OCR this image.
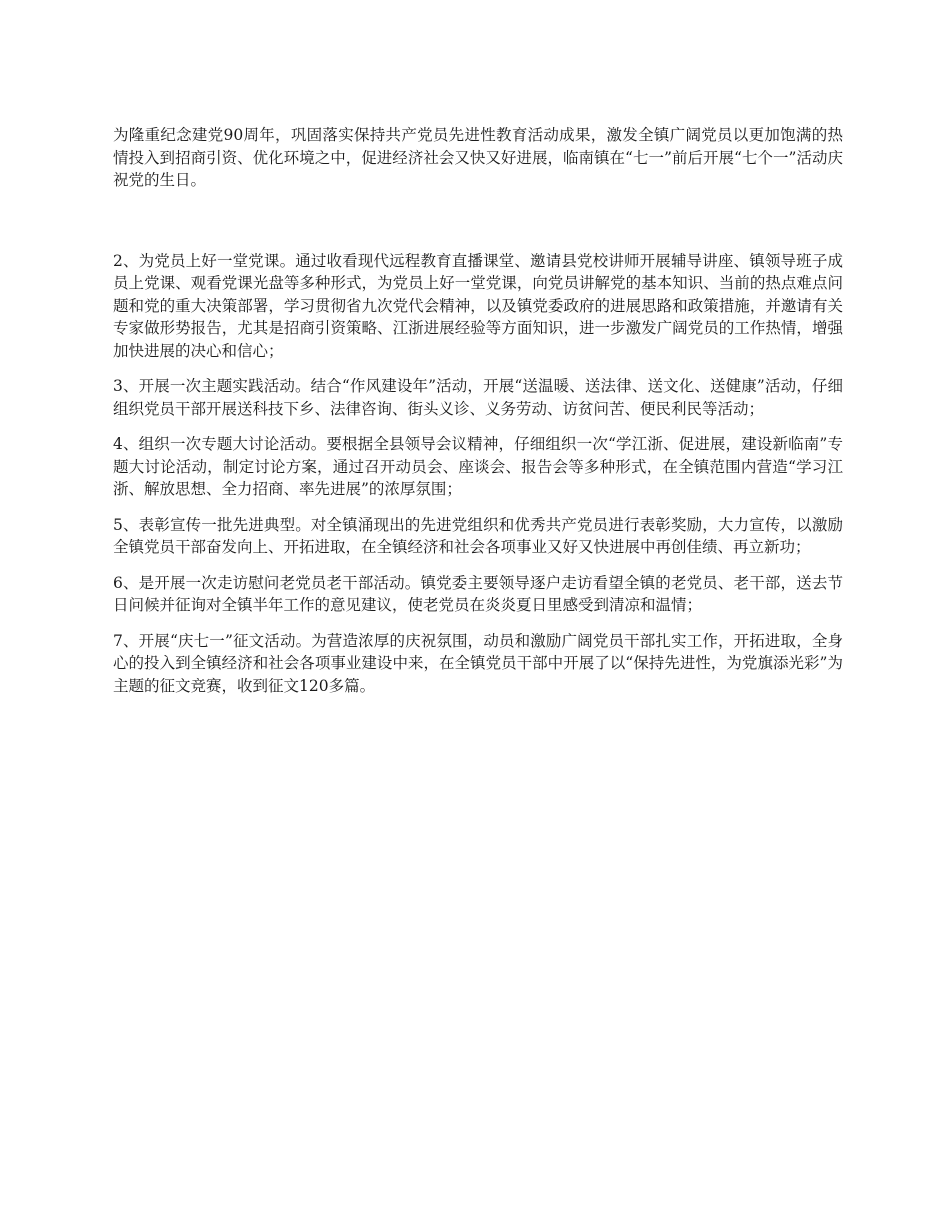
为隆重纪念建党90周年，巩固落实保持共产党员先进性教育活动成果，激发全镇广阔党员以更加饱满的热情投入到招商引资、优化环境之中，促进经济社会又快又好进展，临南镇在“七一”前后开展“七个一”活动庆祝党的生日。

2、为党员上好一堂党课。通过收看现代远程教育直播课堂、邀请县党校讲师开展辅导讲座、镇领导班子成员上党课、观看党课光盘等多种形式，为党员上好一堂党课，向党员讲解党的基本知识、当前的热点难点问题和党的重大决策部署，学习贯彻省九次党代会精神，以及镇党委政府的进展思路和政策措施，并邀请有关专家做形势报告，尤其是招商引资策略、江浙进展经验等方面知识，进一步激发广阔党员的工作热情，增强加快进展的决心和信心；

3、开展一次主题实践活动。结合“作风建设年”活动，开展“送温暖、送法律、送文化、送健康”活动，仔细组织党员干部开展送科技下乡、法律咨询、街头义诊、义务劳动、访贫问苦、便民利民等活动；

4、组织一次专题大讨论活动。要根据全县领导会议精神，仔细组织一次“学江浙、促进展，建设新临南”专题大讨论活动，制定讨论方案，通过召开动员会、座谈会、报告会等多种形式，在全镇范围内营造“学习江浙、解放思想、全力招商、率先进展”的浓厚氛围；

5、表彰宣传一批先进典型。对全镇涌现出的先进党组织和优秀共产党员进行表彰奖励，大力宣传，以激励全镇党员干部奋发向上、开拓进取，在全镇经济和社会各项事业又好又快进展中再创佳绩、再立新功；

6、是开展一次走访慰问老党员老干部活动。镇党委主要领导逐户走访看望全镇的老党员、老干部，送去节日问候并征询对全镇半年工作的意见建议，使老党员在炎炎夏日里感受到清凉和温情；

7、开展“庆七一”征文活动。为营造浓厚的庆祝氛围，动员和激励广阔党员干部扎实工作，开拓进取，全身心的投入到全镇经济和社会各项事业建设中来，在全镇党员干部中开展了以“保持先进性，为党旗添光彩”为主题的征文竞赛，收到征文120多篇。
